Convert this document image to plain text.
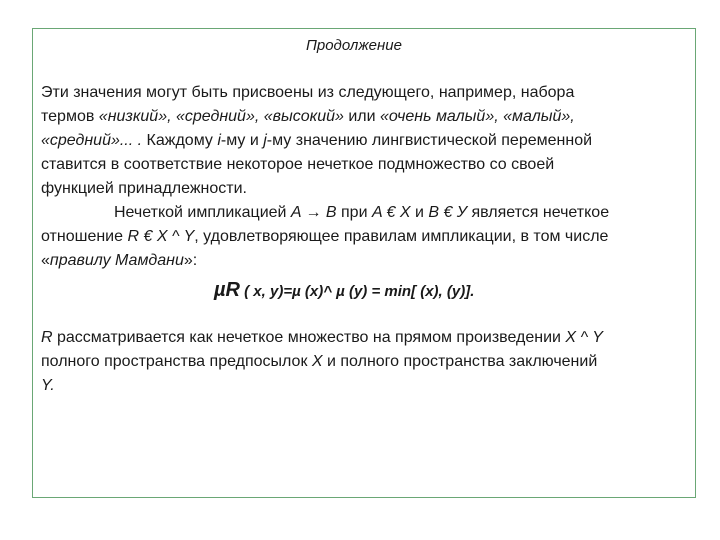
Продолжение
Эти значения могут быть присвоены из следующего, например, набора
термов «низкий», «средний», «высокий» или «очень малый», «малый»,
«средний»... . Каждому i-му и j-му значению лингвистической переменной
ставится в соответствие некоторое нечеткое подмножество со своей
функцией принадлежности.
Нечеткой импликацией A → B при A € X и B € У является нечеткое
отношение R € X ^ Y, удовлетворяющее правилам импликации, в том числе
«правилу Мамдани»:
µR ( x, y)=µ (x)^ µ (y) = min[ (x), (y)].
R рассматривается как нечеткое множество на прямом произведении X ^ Y
полного пространства предпосылок X и полного пространства заключений
Y.
